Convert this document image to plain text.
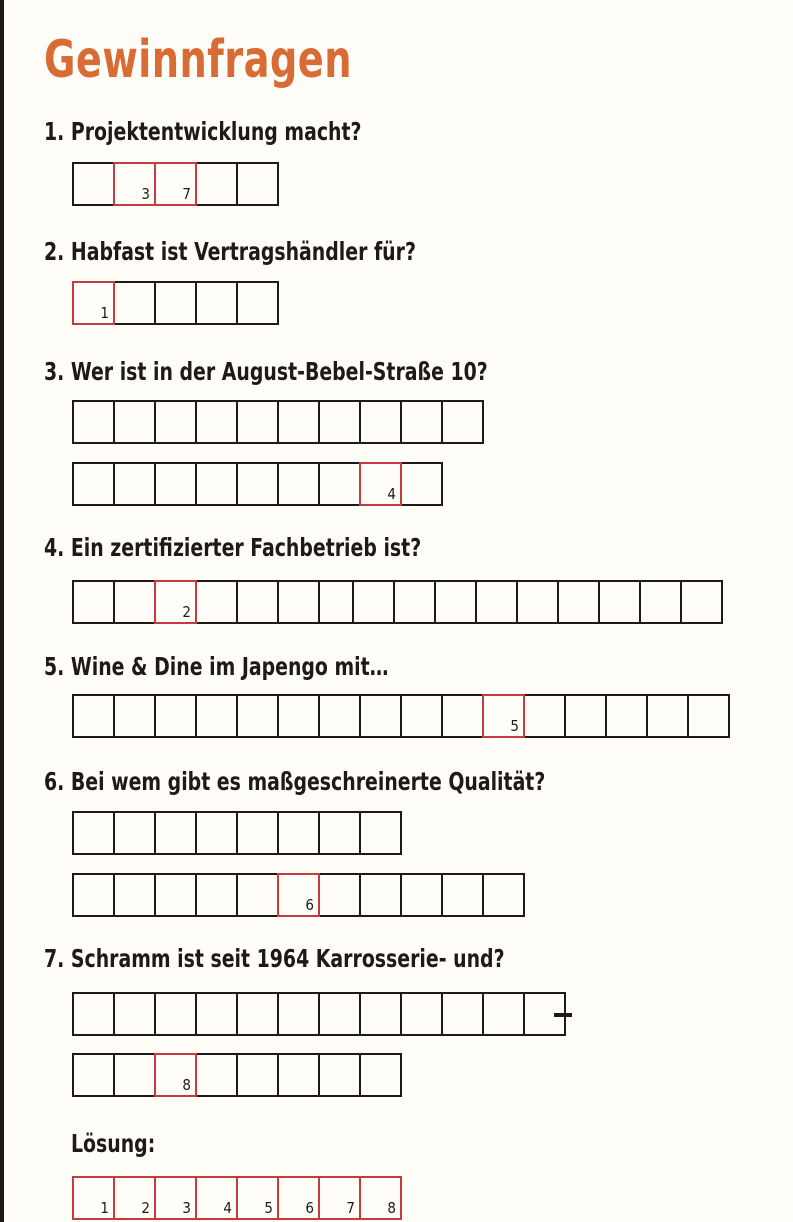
Gewinnfragen
1. Projektentwicklung macht?
3 7
2. Habfast ist Vertragshändler für?
1
3. Wer ist in der August-Bebel-Straße 10?
4
4. Ein zertifizierter Fachbetrieb ist?
2
5. Wine & Dine im Japengo mit…
5
6. Bei wem gibt es maßgeschreinerte Qualität?
6
7. Schramm ist seit 1964 Karrosserie- und?
8
Lösung:
1 2 3 4 5 6 7 8
